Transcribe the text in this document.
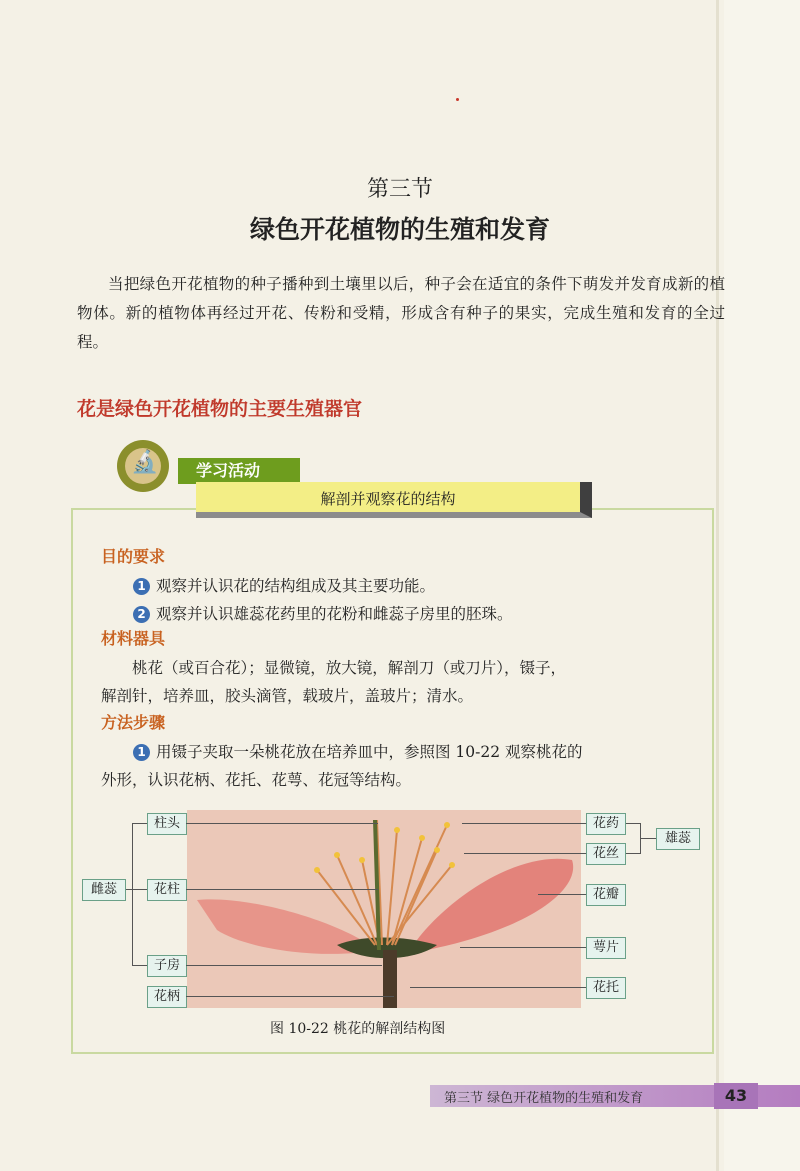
第三节
绿色开花植物的生殖和发育
当把绿色开花植物的种子播种到土壤里以后，种子会在适宜的条件下萌发并发育成新的植物体。新的植物体再经过开花、传粉和受精，形成含有种子的果实，完成生殖和发育的全过程。
花是绿色开花植物的主要生殖器官
🔬	学习活动
解剖并观察花的结构
目的要求
1 观察并认识花的结构组成及其主要功能。
2 观察并认识雄蕊花药里的花粉和雌蕊子房里的胚珠。
材料器具
桃花（或百合花）；显微镜，放大镜，解剖刀（或刀片），镊子，
解剖针，培养皿，胶头滴管，载玻片，盖玻片；清水。
方法步骤
1 用镊子夹取一朵桃花放在培养皿中，参照图 10-22 观察桃花的
外形，认识花柄、花托、花萼、花冠等结构。
柱头
花柱
子房
花柄
雌蕊
花药
花丝
花瓣
萼片
花托
雄蕊
图 10-22 桃花的解剖结构图
第三节 绿色开花植物的生殖和发育	43
